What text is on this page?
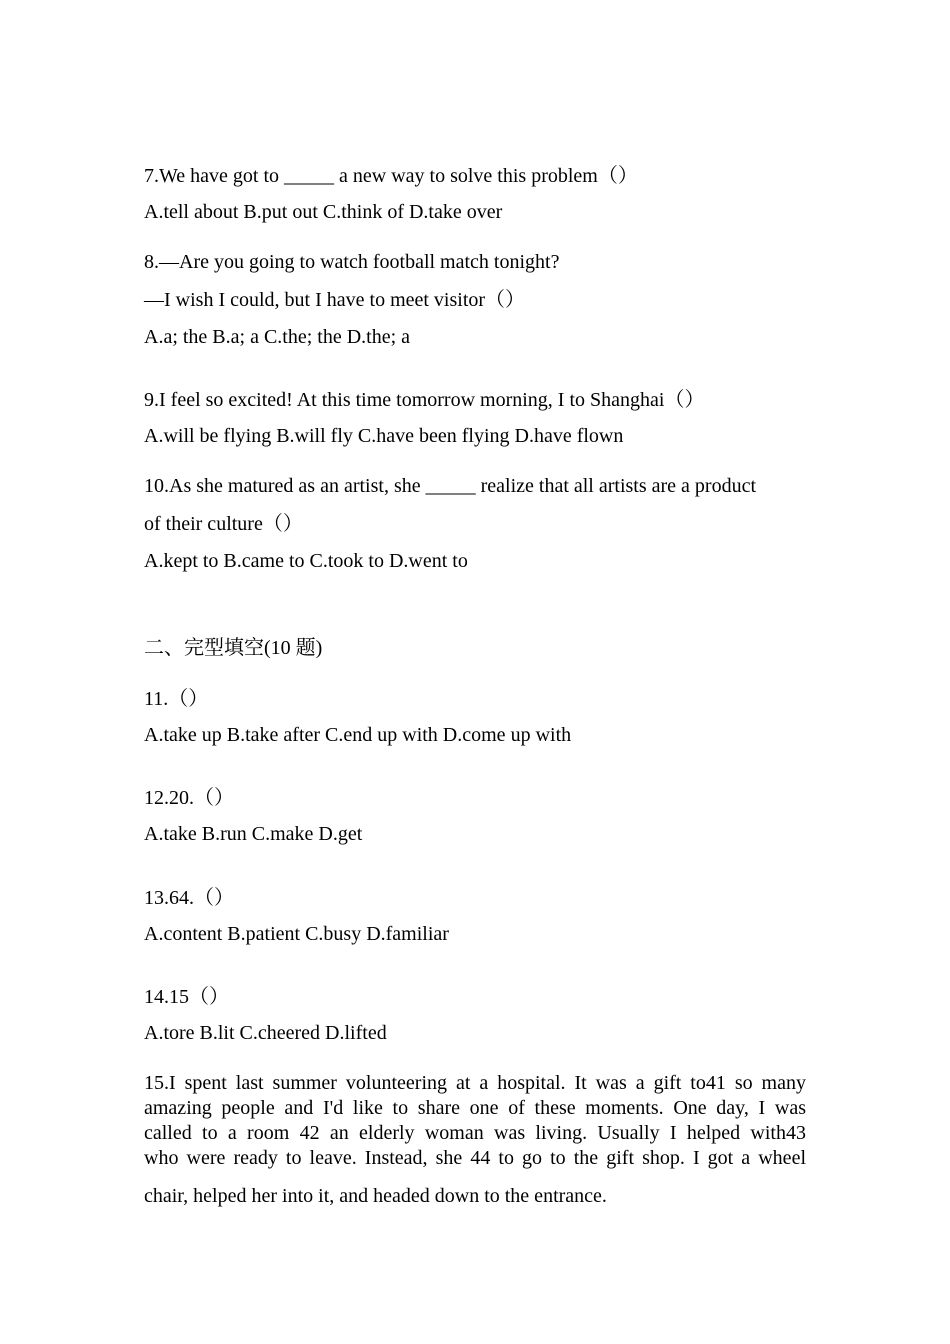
7.We have got to _____ a new way to solve this problem（）
A.tell about B.put out C.think of D.take over
8.—Are you going to watch football match tonight?
—I wish I could, but I have to meet visitor（）
A.a; the B.a; a C.the; the D.the; a
9.I feel so excited! At this time tomorrow morning, I to Shanghai（）
A.will be flying B.will fly C.have been flying D.have flown
10.As she matured as an artist, she _____ realize that all artists are a product
of their culture（）
A.kept to B.came to C.took to D.went to
二、完型填空(10 题)
11.（）
A.take up B.take after C.end up with D.come up with
12.20.（）
A.take B.run C.make D.get
13.64.（）
A.content B.patient C.busy D.familiar
14.15（）
A.tore B.lit C.cheered D.lifted
15.I spent last summer volunteering at a hospital. It was a gift to41 so many
amazing people and I'd like to share one of these moments. One day, I was
called to a room 42 an elderly woman was living. Usually I helped with43
who were ready to leave. Instead, she 44 to go to the gift shop. I got a wheel
chair, helped her into it, and headed down to the entrance.
